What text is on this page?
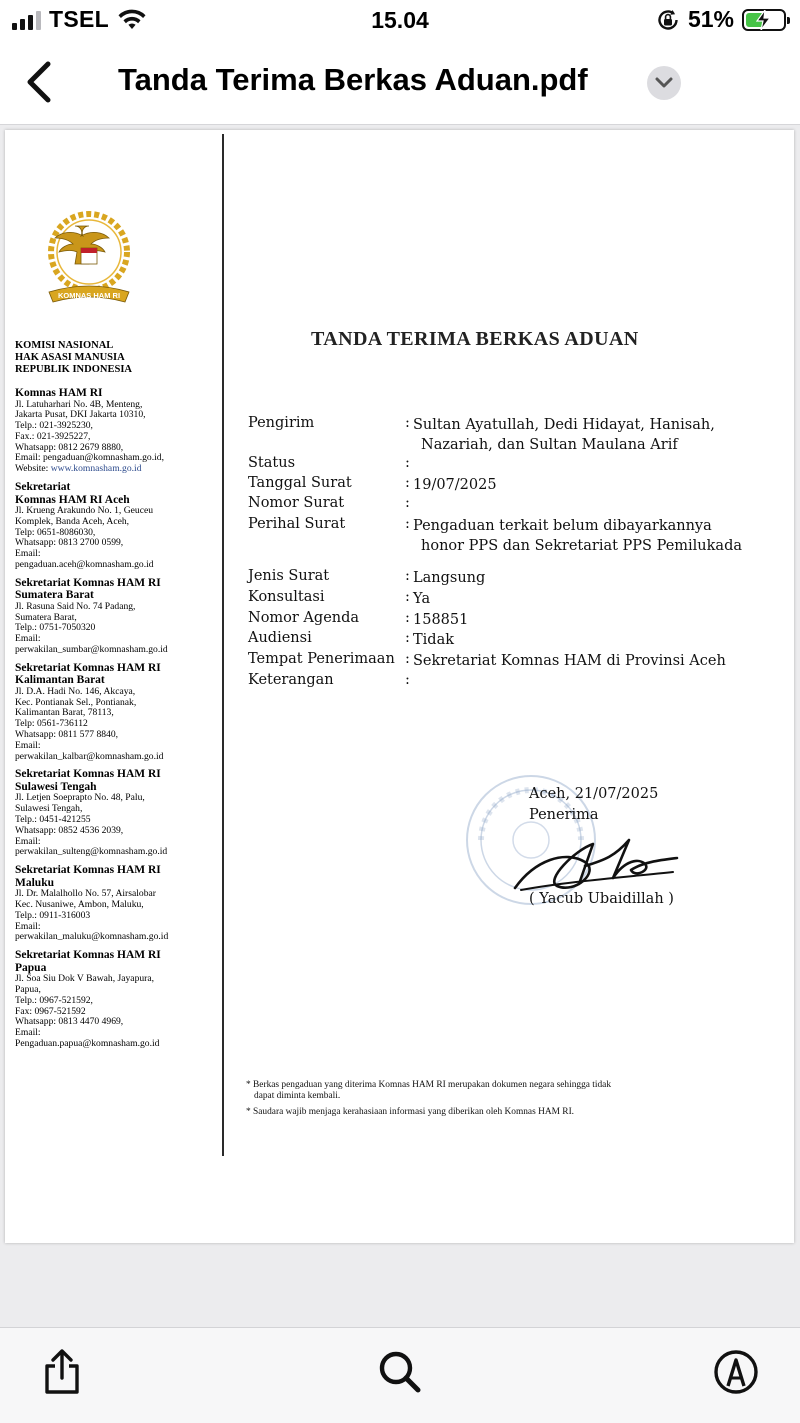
TSEL	15.04	51%
Tanda Terima Berkas Aduan.pdf
KOMNAS HAM RI
KOMISI NASIONAL
HAK ASASI MANUSIA
REPUBLIK INDONESIA
Komnas HAM RI
Jl. Latuharhari No. 4B, Menteng,
Jakarta Pusat, DKI Jakarta 10310,
Telp.: 021-3925230,
Fax.: 021-3925227,
Whatsapp: 0812 2679 8880,
Email: pengaduan@komnasham.go.id,
Website: www.komnasham.go.id
Sekretariat
Komnas HAM RI Aceh
Jl. Krueng Arakundo No. 1, Geuceu
Komplek, Banda Aceh, Aceh,
Telp: 0651-8086030,
Whatsapp: 0813 2700 0599,
Email:
pengaduan.aceh@komnasham.go.id
Sekretariat Komnas HAM RI
Sumatera Barat
Jl. Rasuna Said No. 74 Padang,
Sumatera Barat,
Telp.: 0751-7050320
Email:
perwakilan_sumbar@komnasham.go.id
Sekretariat Komnas HAM RI
Kalimantan Barat
Jl. D.A. Hadi No. 146, Akcaya,
Kec. Pontianak Sel., Pontianak,
Kalimantan Barat, 78113,
Telp: 0561-736112
Whatsapp: 0811 577 8840,
Email:
perwakilan_kalbar@komnasham.go.id
Sekretariat Komnas HAM RI
Sulawesi Tengah
Jl. Letjen Soeprapto No. 48, Palu,
Sulawesi Tengah,
Telp.: 0451-421255
Whatsapp: 0852 4536 2039,
Email:
perwakilan_sulteng@komnasham.go.id
Sekretariat Komnas HAM RI
Maluku
Jl. Dr. Malalhollo No. 57, Airsalobar
Kec. Nusaniwe, Ambon, Maluku,
Telp.: 0911-316003
Email:
perwakilan_maluku@komnasham.go.id
Sekretariat Komnas HAM RI
Papua
Jl. Soa Siu Dok V Bawah, Jayapura,
Papua,
Telp.: 0967-521592,
Fax: 0967-521592
Whatsapp: 0813 4470 4969,
Email:
Pengaduan.papua@komnasham.go.id
TANDA TERIMA BERKAS ADUAN
Pengirim	: Sultan Ayatullah, Dedi Hidayat, Hanisah,
Nazariah, dan Sultan Maulana Arif
Status	:
Tanggal Surat	: 19/07/2025
Nomor Surat	:
Perihal Surat	: Pengaduan terkait belum dibayarkannya
honor PPS dan Sekretariat PPS Pemilukada
Jenis Surat	: Langsung
Konsultasi	: Ya
Nomor Agenda	: 158851
Audiensi	: Tidak
Tempat Penerimaan : Sekretariat Komnas HAM di Provinsi Aceh
Keterangan	:
Aceh, 21/07/2025
Penerima
( Yacub Ubaidillah )
* Berkas pengaduan yang diterima Komnas HAM RI merupakan dokumen negara sehingga tidak
dapat diminta kembali.
* Saudara wajib menjaga kerahasiaan informasi yang diberikan oleh Komnas HAM RI.
